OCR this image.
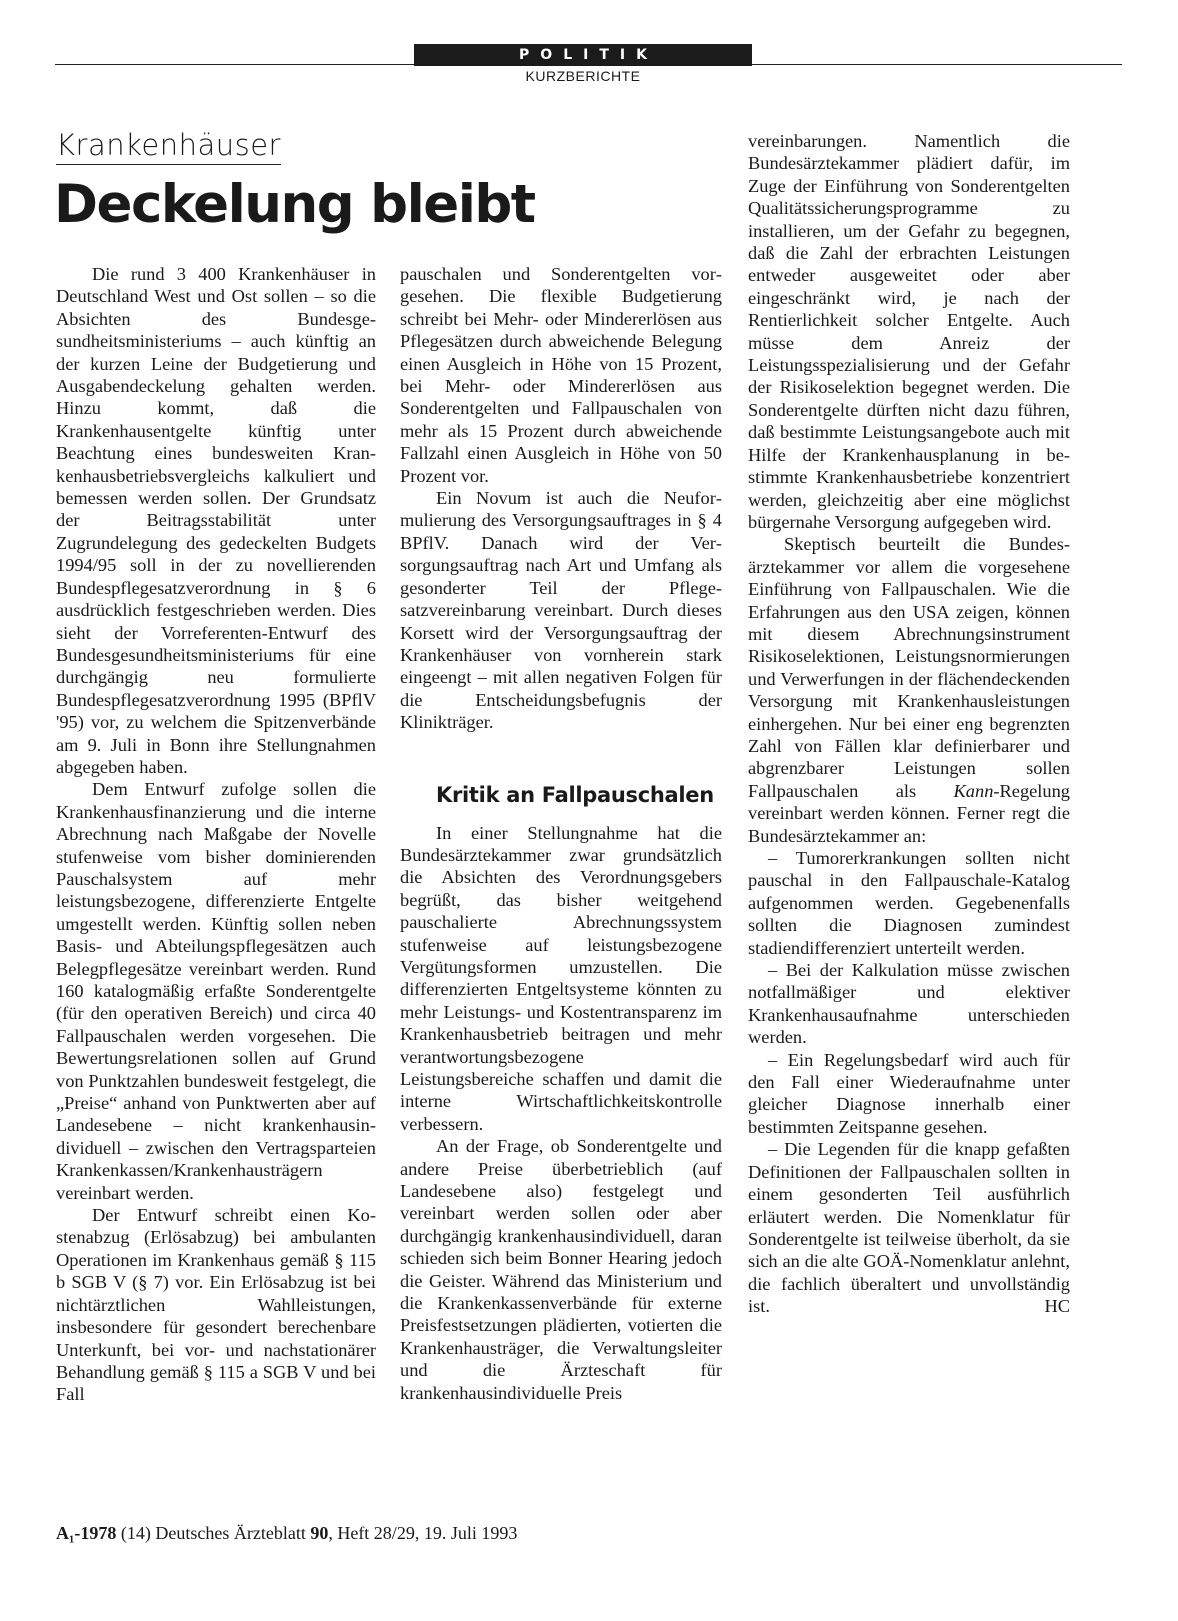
POLITIK
KURZBERICHTE
Krankenhäuser
Deckelung bleibt

Die rund 3 400 Krankenhäuser in Deutschland West und Ost sollen – so die Absichten des Bundesgesundheitsministeriums – auch künftig an der kurzen Leine der Budgetierung und Ausgabendeckelung gehalten werden. Hinzu kommt, daß die Krankenhausentgelte künftig unter Beachtung eines bundesweiten Krankenhausbetriebsvergleichs kalkuliert und bemessen werden sollen. Der Grundsatz der Beitragsstabilität unter Zugrundelegung des gedeckelten Budgets 1994/95 soll in der zu novellierenden Bundespflegesatzverordnung in § 6 ausdrücklich festgeschrieben werden. Dies sieht der Vorreferenten-Entwurf des Bundesgesundheitsministeriums für eine durchgängig neu formulierte Bundespflegesatzverordnung 1995 (BPflV '95) vor, zu welchem die Spitzenverbände am 9. Juli in Bonn ihre Stellungnahmen abgegeben haben.

Dem Entwurf zufolge sollen die Krankenhausfinanzierung und die interne Abrechnung nach Maßgabe der Novelle stufenweise vom bisher dominierenden Pauschalsystem auf mehr leistungsbezogene, differenzierte Entgelte umgestellt werden. Künftig sollen neben Basis- und Abteilungspflegesätzen auch Belegpflegesätze vereinbart werden. Rund 160 katalogmäßig erfaßte Sonderentgelte (für den operativen Bereich) und circa 40 Fallpauschalen werden vorgesehen. Die Bewertungsrelationen sollen auf Grund von Punktzahlen bundesweit festgelegt, die „Preise“ anhand von Punktwerten aber auf Landesebene – nicht krankenhausindividuell – zwischen den Vertragsparteien Krankenkassen/Krankenhausträgern vereinbart werden.

Der Entwurf schreibt einen Kostenabzug (Erlösabzug) bei ambulanten Operationen im Krankenhaus gemäß § 115 b SGB V (§ 7) vor. Ein Erlösabzug ist bei nichtärztlichen Wahlleistungen, insbesondere für gesondert berechenbare Unterkunft, bei vor- und nachstationärer Behandlung gemäß § 115 a SGB V und bei Fall

pauschalen und Sonderentgelten vorgesehen. Die flexible Budgetierung schreibt bei Mehr- oder Mindererlösen aus Pflegesätzen durch abweichende Belegung einen Ausgleich in Höhe von 15 Prozent, bei Mehr- oder Mindererlösen aus Sonderentgelten und Fallpauschalen von mehr als 15 Prozent durch abweichende Fallzahl einen Ausgleich in Höhe von 50 Prozent vor.

Ein Novum ist auch die Neuformulierung des Versorgungsauftrages in § 4 BPflV. Danach wird der Versorgungsauftrag nach Art und Umfang als gesonderter Teil der Pflegesatzvereinbarung vereinbart. Durch dieses Korsett wird der Versorgungsauftrag der Krankenhäuser von vornherein stark eingeengt – mit allen negativen Folgen für die Entscheidungsbefugnis der Klinikträger.

Kritik an Fallpauschalen

In einer Stellungnahme hat die Bundesärztekammer zwar grundsätzlich die Absichten des Verordnungsgebers begrüßt, das bisher weitgehend pauschalierte Abrechnungssystem stufenweise auf leistungsbezogene Vergütungsformen umzustellen. Die differenzierten Entgeltsysteme könnten zu mehr Leistungs- und Kostentransparenz im Krankenhausbetrieb beitragen und mehr verantwortungsbezogene Leistungsbereiche schaffen und damit die interne Wirtschaftlichkeitskontrolle verbessern.

An der Frage, ob Sonderentgelte und andere Preise überbetrieblich (auf Landesebene also) festgelegt und vereinbart werden sollen oder aber durchgängig krankenhausindividuell, daran schieden sich beim Bonner Hearing jedoch die Geister. Während das Ministerium und die Krankenkassenverbände für externe Preisfestsetzungen plädierten, votierten die Krankenhausträger, die Verwaltungsleiter und die Ärzteschaft für krankenhausindividuelle Preis

vereinbarungen. Namentlich die Bundesärztekammer plädiert dafür, im Zuge der Einführung von Sonderentgelten Qualitätssicherungsprogramme zu installieren, um der Gefahr zu begegnen, daß die Zahl der erbrachten Leistungen entweder ausgeweitet oder aber eingeschränkt wird, je nach der Rentierlichkeit solcher Entgelte. Auch müsse dem Anreiz der Leistungsspezialisierung und der Gefahr der Risikoselektion begegnet werden. Die Sonderentgelte dürften nicht dazu führen, daß bestimmte Leistungsangebote auch mit Hilfe der Krankenhausplanung in bestimmte Krankenhausbetriebe konzentriert werden, gleichzeitig aber eine möglichst bürgernahe Versorgung aufgegeben wird.

Skeptisch beurteilt die Bundesärztekammer vor allem die vorgesehene Einführung von Fallpauschalen. Wie die Erfahrungen aus den USA zeigen, können mit diesem Abrechnungsinstrument Risikoselektionen, Leistungsnormierungen und Verwerfungen in der flächendeckenden Versorgung mit Krankenhausleistungen einhergehen. Nur bei einer eng begrenzten Zahl von Fällen klar definierbarer und abgrenzbarer Leistungen sollen Fallpauschalen als Kann-Regelung vereinbart werden können. Ferner regt die Bundesärztekammer an:

– Tumorerkrankungen sollten nicht pauschal in den Fallpauschale-Katalog aufgenommen werden. Gegebenenfalls sollten die Diagnosen zumindest stadiendifferenziert unterteilt werden.

– Bei der Kalkulation müsse zwischen notfallmäßiger und elektiver Krankenhausaufnahme unterschieden werden.

– Ein Regelungsbedarf wird auch für den Fall einer Wiederaufnahme unter gleicher Diagnose innerhalb einer bestimmten Zeitspanne gesehen.

– Die Legenden für die knapp gefaßten Definitionen der Fallpauschalen sollten in einem gesonderten Teil ausführlich erläutert werden. Die Nomenklatur für Sonderentgelte ist teilweise überholt, da sie sich an die alte GOÄ-Nomenklatur anlehnt, die fachlich überaltert und unvollständig ist.	HC

A₁-1978 (14) Deutsches Ärzteblatt 90, Heft 28/29, 19. Juli 1993
